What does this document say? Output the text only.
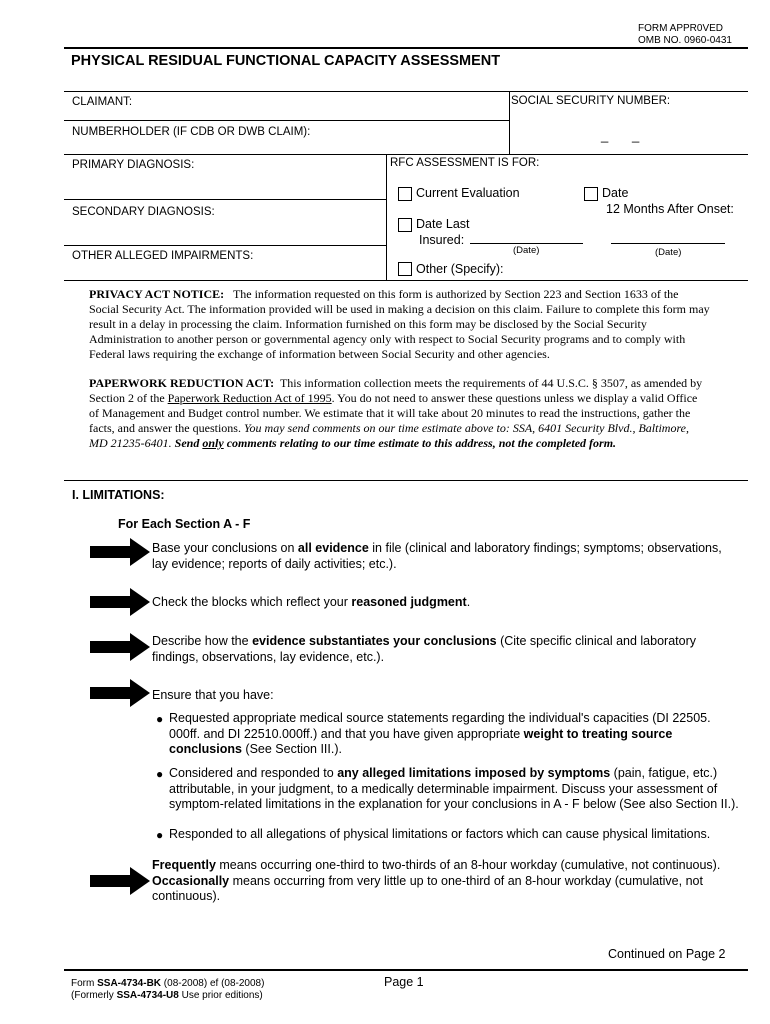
FORM APPR0VED
OMB NO. 0960-0431
PHYSICAL RESIDUAL FUNCTIONAL CAPACITY ASSESSMENT
CLAIMANT:	SOCIAL SECURITY NUMBER:
NUMBERHOLDER (IF CDB OR DWB CLAIM):	_ _
PRIMARY DIAGNOSIS:	RFC ASSESSMENT IS FOR:
SECONDARY DIAGNOSIS:
OTHER ALLEGED IMPAIRMENTS:
Current Evaluation	Date
12 Months After Onset:
Date Last
Insured:
(Date)	(Date)
Other (Specify):
PRIVACY ACT NOTICE: The information requested on this form is authorized by Section 223 and Section 1633 of the
Social Security Act. The information provided will be used in making a decision on this claim. Failure to complete this form may
result in a delay in processing the claim. Information furnished on this form may be disclosed by the Social Security
Administration to another person or governmental agency only with respect to Social Security programs and to comply with
Federal laws requiring the exchange of information between Social Security and other agencies.
PAPERWORK REDUCTION ACT: This information collection meets the requirements of 44 U.S.C. § 3507, as amended by
Section 2 of the Paperwork Reduction Act of 1995. You do not need to answer these questions unless we display a valid Office
of Management and Budget control number. We estimate that it will take about 20 minutes to read the instructions, gather the
facts, and answer the questions. You may send comments on our time estimate above to: SSA, 6401 Security Blvd., Baltimore,
MD 21235-6401. Send only comments relating to our time estimate to this address, not the completed form.
I. LIMITATIONS:
For Each Section A - F
Base your conclusions on all evidence in file (clinical and laboratory findings; symptoms; observations,
lay evidence; reports of daily activities; etc.).
Check the blocks which reflect your reasoned judgment.
Describe how the evidence substantiates your conclusions (Cite specific clinical and laboratory
findings, observations, lay evidence, etc.).
Ensure that you have:
● Requested appropriate medical source statements regarding the individual's capacities (DI 22505.
000ff. and DI 22510.000ff.) and that you have given appropriate weight to treating source
conclusions (See Section III.).
● Considered and responded to any alleged limitations imposed by symptoms (pain, fatigue, etc.)
attributable, in your judgment, to a medically determinable impairment. Discuss your assessment of
symptom-related limitations in the explanation for your conclusions in A - F below (See also Section II.).
● Responded to all allegations of physical limitations or factors which can cause physical limitations.
Frequently means occurring one-third to two-thirds of an 8-hour workday (cumulative, not continuous).
Occasionally means occurring from very little up to one-third of an 8-hour workday (cumulative, not
continuous).
Continued on Page 2
Form SSA-4734-BK (08-2008) ef (08-2008)
(Formerly SSA-4734-U8 Use prior editions)
Page 1
